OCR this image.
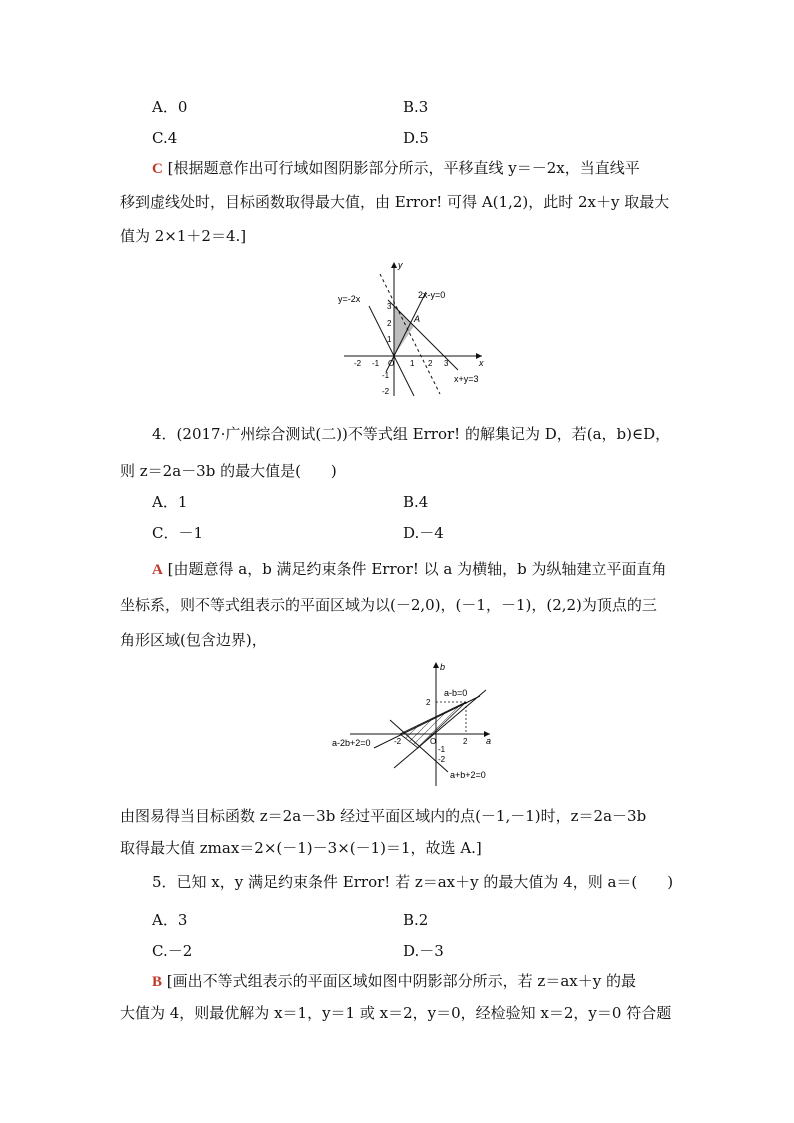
A．0	B.3
C.4	D.5
C [根据题意作出可行域如图阴影部分所示，平移直线 y＝－2x，当直线平
移到虚线处时，目标函数取得最大值，由 Error! 可得 A(1,2)，此时 2x＋y 取最大
值为 2×1＋2＝4.]
y=-2x	2x-y=0
x+y=3
A
y
x
3
2
1
-1
-2
-2 -1 O 1 2 3
4．(2017·广州综合测试(二))不等式组 Error! 的解集记为 D，若(a，b)∈D，
则 z＝2a－3b 的最大值是(　　)
A．1	B.4
C．－1	D.－4
A [由题意得 a，b 满足约束条件 Error! 以 a 为横轴，b 为纵轴建立平面直角
坐标系，则不等式组表示的平面区域为以(－2,0)，(－1，－1)，(2,2)为顶点的三
角形区域(包含边界)，
b
a
a-b=0
a-2b+2=0
a+b+2=0
2
-2	O	2
-1
-2
由图易得当目标函数 z＝2a－3b 经过平面区域内的点(－1,－1)时，z＝2a－3b
取得最大值 zmax＝2×(－1)－3×(－1)＝1，故选 A.]
5．已知 x，y 满足约束条件 Error! 若 z＝ax＋y 的最大值为 4，则 a＝(　　)
A．3	B.2
C.－2	D.－3
B [画出不等式组表示的平面区域如图中阴影部分所示，若 z＝ax＋y 的最
大值为 4，则最优解为 x＝1，y＝1 或 x＝2，y＝0，经检验知 x＝2，y＝0 符合题
